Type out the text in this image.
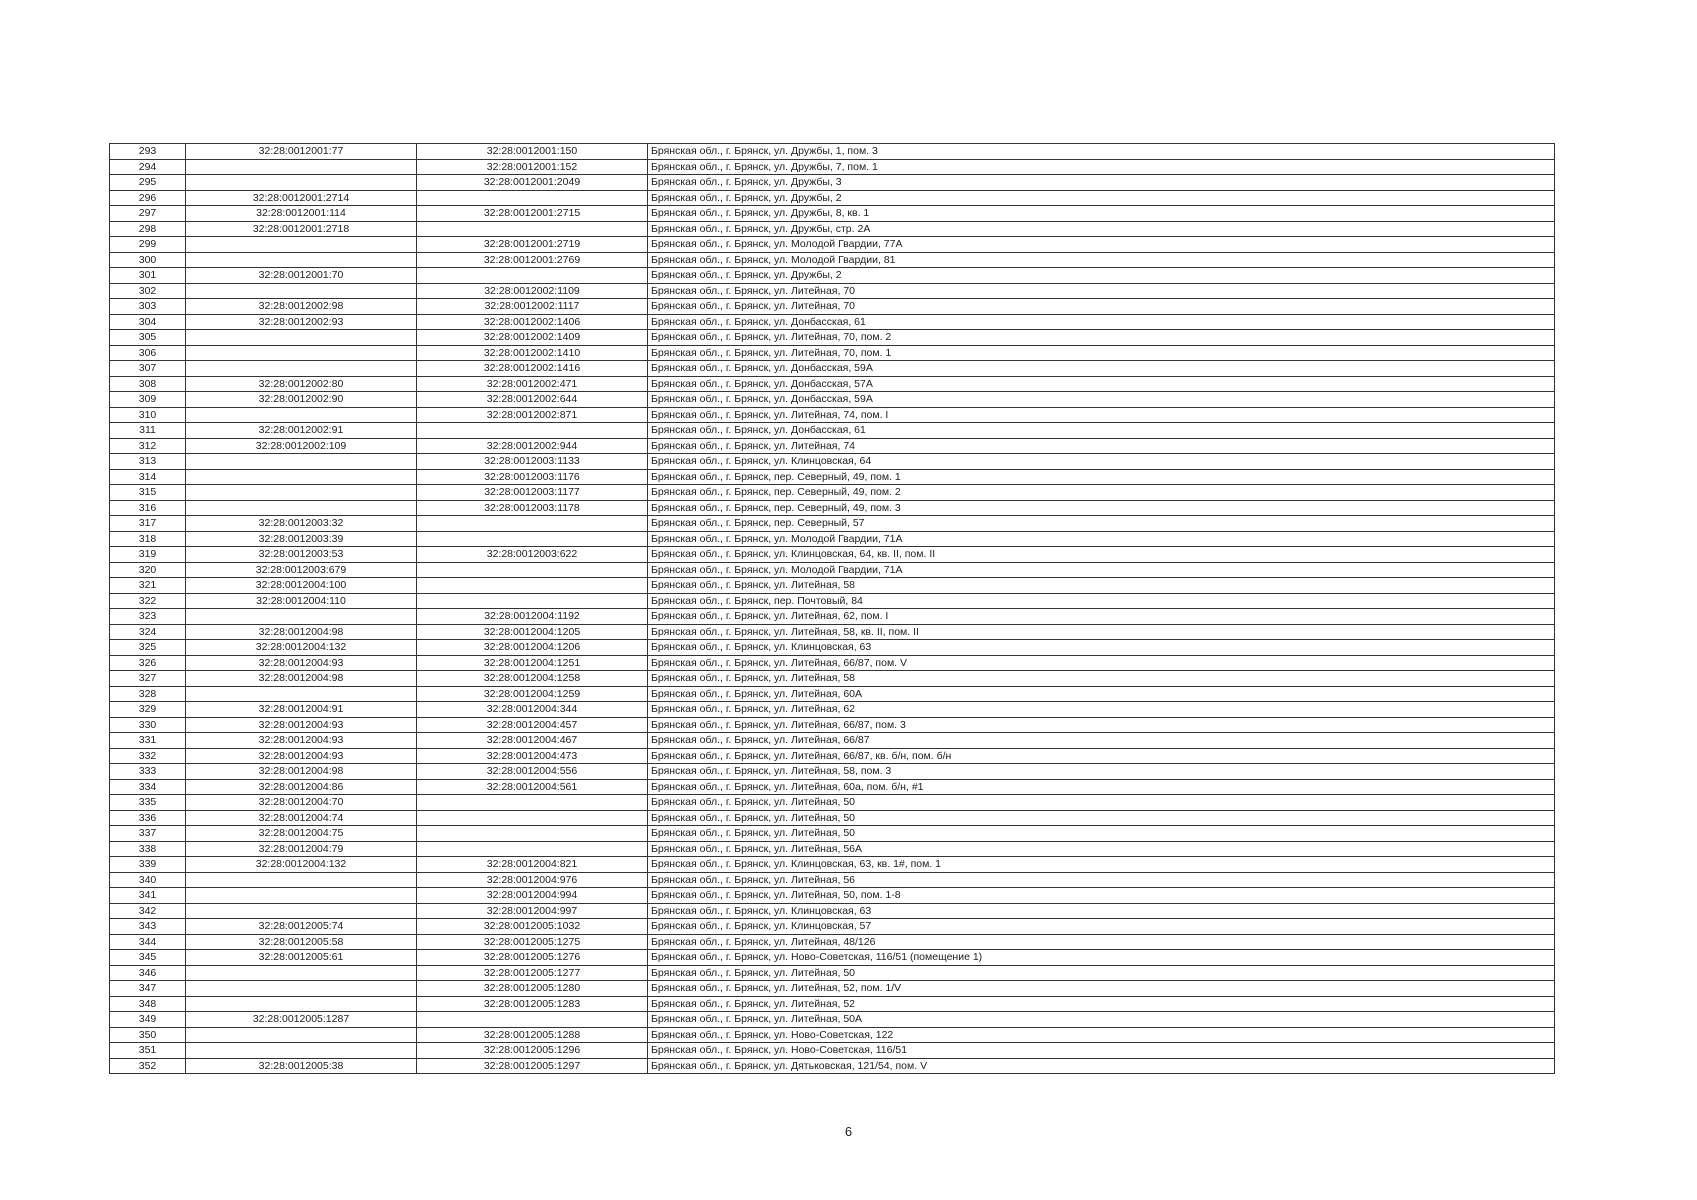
293	32:28:0012001:77	32:28:0012001:150	Брянская обл., г. Брянск, ул. Дружбы, 1, пом. 3
294		32:28:0012001:152	Брянская обл., г. Брянск, ул. Дружбы, 7, пом. 1
295		32:28:0012001:2049	Брянская обл., г. Брянск, ул. Дружбы, 3
296	32:28:0012001:2714		Брянская обл., г. Брянск, ул. Дружбы, 2
297	32:28:0012001:114	32:28:0012001:2715	Брянская обл., г. Брянск, ул. Дружбы, 8, кв. 1
298	32:28:0012001:2718		Брянская обл., г. Брянск, ул. Дружбы, стр. 2А
299		32:28:0012001:2719	Брянская обл., г. Брянск, ул. Молодой Гвардии, 77А
300		32:28:0012001:2769	Брянская обл., г. Брянск, ул. Молодой Гвардии, 81
301	32:28:0012001:70		Брянская обл., г. Брянск, ул. Дружбы, 2
302		32:28:0012002:1109	Брянская обл., г. Брянск, ул. Литейная, 70
303	32:28:0012002:98	32:28:0012002:1117	Брянская обл., г. Брянск, ул. Литейная, 70
304	32:28:0012002:93	32:28:0012002:1406	Брянская обл., г. Брянск, ул. Донбасская, 61
305		32:28:0012002:1409	Брянская обл., г. Брянск, ул. Литейная, 70, пом. 2
306		32:28:0012002:1410	Брянская обл., г. Брянск, ул. Литейная, 70, пом. 1
307		32:28:0012002:1416	Брянская обл., г. Брянск, ул. Донбасская, 59А
308	32:28:0012002:80	32:28:0012002:471	Брянская обл., г. Брянск, ул. Донбасская, 57А
309	32:28:0012002:90	32:28:0012002:644	Брянская обл., г. Брянск, ул. Донбасская, 59А
310		32:28:0012002:871	Брянская обл., г. Брянск, ул. Литейная, 74, пом. I
311	32:28:0012002:91		Брянская обл., г. Брянск, ул. Донбасская, 61
312	32:28:0012002:109	32:28:0012002:944	Брянская обл., г. Брянск, ул. Литейная, 74
313		32:28:0012003:1133	Брянская обл., г. Брянск, ул. Клинцовская, 64
314		32:28:0012003:1176	Брянская обл., г. Брянск, пер. Северный, 49, пом. 1
315		32:28:0012003:1177	Брянская обл., г. Брянск, пер. Северный, 49, пом. 2
316		32:28:0012003:1178	Брянская обл., г. Брянск, пер. Северный, 49, пом. 3
317	32:28:0012003:32		Брянская обл., г. Брянск, пер. Северный, 57
318	32:28:0012003:39		Брянская обл., г. Брянск, ул. Молодой Гвардии, 71А
319	32:28:0012003:53	32:28:0012003:622	Брянская обл., г. Брянск, ул. Клинцовская, 64, кв. II, пом. II
320	32:28:0012003:679		Брянская обл., г. Брянск, ул. Молодой Гвардии, 71А
321	32:28:0012004:100		Брянская обл., г. Брянск, ул. Литейная, 58
322	32:28:0012004:110		Брянская обл., г. Брянск, пер. Почтовый, 84
323		32:28:0012004:1192	Брянская обл., г. Брянск, ул. Литейная, 62, пом. I
324	32:28:0012004:98	32:28:0012004:1205	Брянская обл., г. Брянск, ул. Литейная, 58, кв. II, пом. II
325	32:28:0012004:132	32:28:0012004:1206	Брянская обл., г. Брянск, ул. Клинцовская, 63
326	32:28:0012004:93	32:28:0012004:1251	Брянская обл., г. Брянск, ул. Литейная, 66/87, пом. V
327	32:28:0012004:98	32:28:0012004:1258	Брянская обл., г. Брянск, ул. Литейная, 58
328		32:28:0012004:1259	Брянская обл., г. Брянск, ул. Литейная, 60А
329	32:28:0012004:91	32:28:0012004:344	Брянская обл., г. Брянск, ул. Литейная, 62
330	32:28:0012004:93	32:28:0012004:457	Брянская обл., г. Брянск, ул. Литейная, 66/87, пом. 3
331	32:28:0012004:93	32:28:0012004:467	Брянская обл., г. Брянск, ул. Литейная, 66/87
332	32:28:0012004:93	32:28:0012004:473	Брянская обл., г. Брянск, ул. Литейная, 66/87, кв. б/н, пом. б/н
333	32:28:0012004:98	32:28:0012004:556	Брянская обл., г. Брянск, ул. Литейная, 58, пом. 3
334	32:28:0012004:86	32:28:0012004:561	Брянская обл., г. Брянск, ул. Литейная, 60а, пом. б/н, #1
335	32:28:0012004:70		Брянская обл., г. Брянск, ул. Литейная, 50
336	32:28:0012004:74		Брянская обл., г. Брянск, ул. Литейная, 50
337	32:28:0012004:75		Брянская обл., г. Брянск, ул. Литейная, 50
338	32:28:0012004:79		Брянская обл., г. Брянск, ул. Литейная, 56А
339	32:28:0012004:132	32:28:0012004:821	Брянская обл., г. Брянск, ул. Клинцовская, 63, кв. 1#, пом. 1
340		32:28:0012004:976	Брянская обл., г. Брянск, ул. Литейная, 56
341		32:28:0012004:994	Брянская обл., г. Брянск, ул. Литейная, 50, пом. 1-8
342		32:28:0012004:997	Брянская обл., г. Брянск, ул. Клинцовская, 63
343	32:28:0012005:74	32:28:0012005:1032	Брянская обл., г. Брянск, ул. Клинцовская, 57
344	32:28:0012005:58	32:28:0012005:1275	Брянская обл., г. Брянск, ул. Литейная, 48/126
345	32:28:0012005:61	32:28:0012005:1276	Брянская обл., г. Брянск, ул. Ново-Советская, 116/51 (помещение 1)
346		32:28:0012005:1277	Брянская обл., г. Брянск, ул. Литейная, 50
347		32:28:0012005:1280	Брянская обл., г. Брянск, ул. Литейная, 52, пом. 1/V
348		32:28:0012005:1283	Брянская обл., г. Брянск, ул. Литейная, 52
349	32:28:0012005:1287		Брянская обл., г. Брянск, ул. Литейная, 50А
350		32:28:0012005:1288	Брянская обл., г. Брянск, ул. Ново-Советская, 122
351		32:28:0012005:1296	Брянская обл., г. Брянск, ул. Ново-Советская, 116/51
352	32:28:0012005:38	32:28:0012005:1297	Брянская обл., г. Брянск, ул. Дятьковская, 121/54, пом. V
6
